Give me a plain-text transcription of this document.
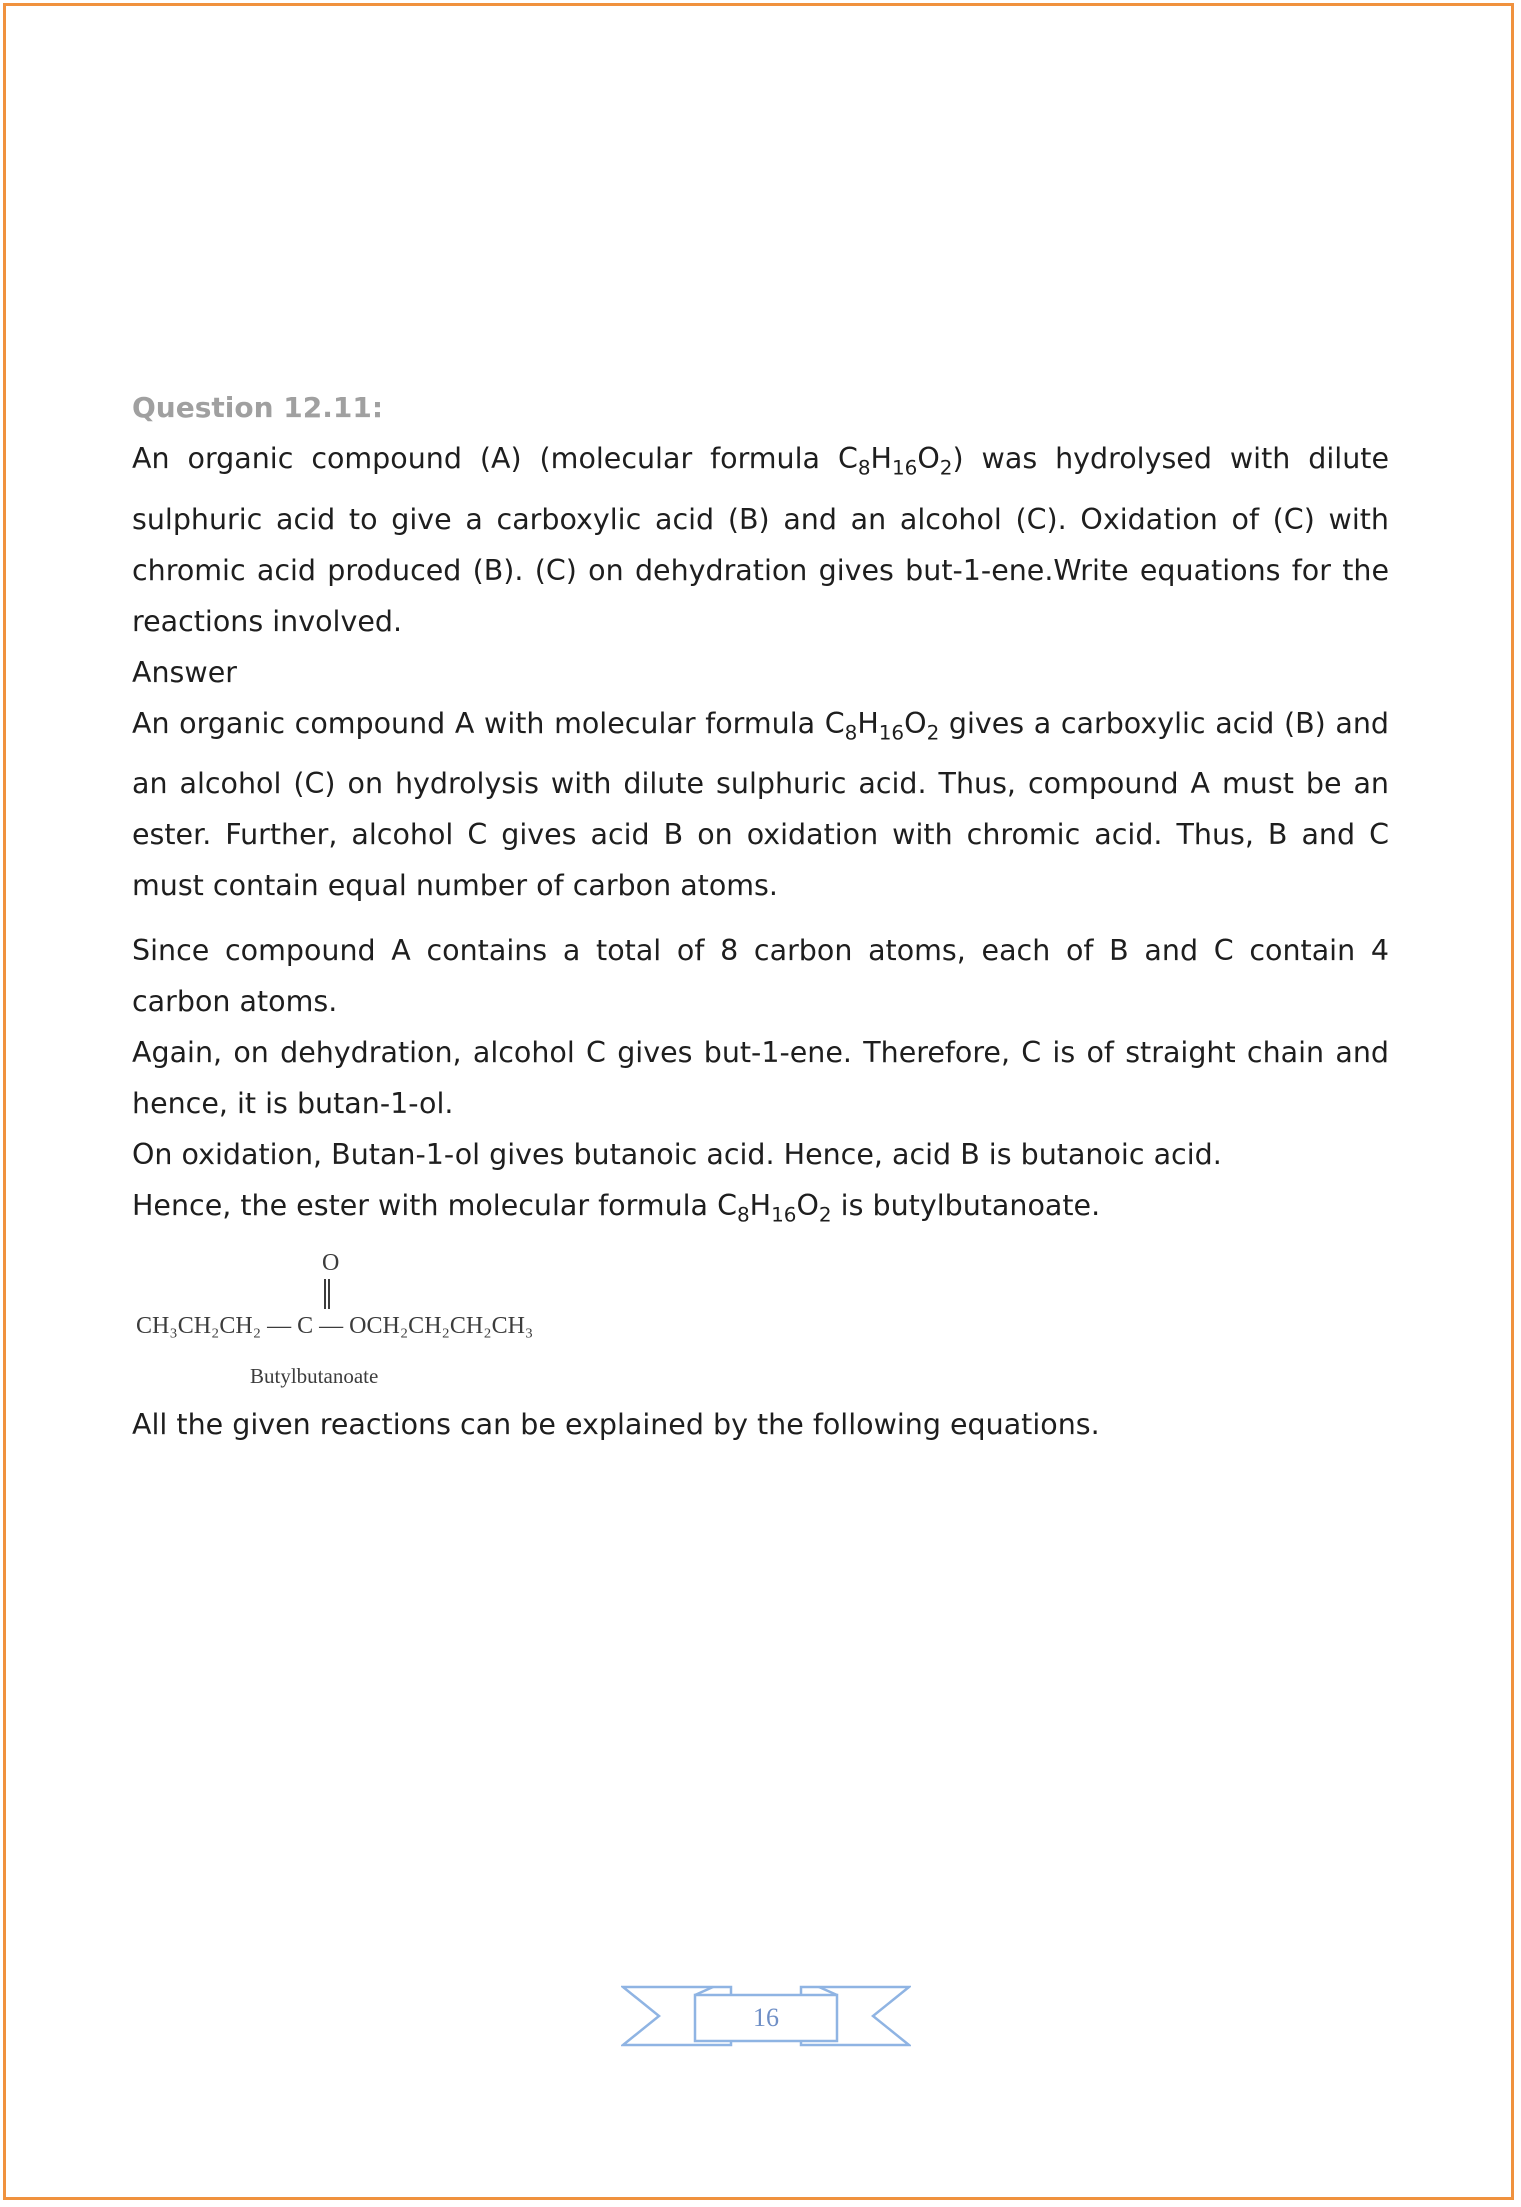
Question 12.11:

An organic compound (A) (molecular formula $C_8H_{16}O_2$) was hydrolysed with dilute sulphuric acid to give a carboxylic acid (B) and an alcohol (C). Oxidation of (C) with chromic acid produced (B). (C) on dehydration gives but-1-ene.Write equations for the reactions involved.

Answer

An organic compound A with molecular formula $C_8H_{16}O_2$ gives a carboxylic acid (B) and an alcohol (C) on hydrolysis with dilute sulphuric acid. Thus, compound A must be an ester. Further, alcohol C gives acid B on oxidation with chromic acid. Thus, B and C must contain equal number of carbon atoms.

Since compound A contains a total of 8 carbon atoms, each of B and C contain 4 carbon atoms.

Again, on dehydration, alcohol C gives but-1-ene. Therefore, C is of straight chain and hence, it is butan-1-ol.

On oxidation, Butan-1-ol gives butanoic acid. Hence, acid B is butanoic acid.

Hence, the ester with molecular formula $C_8H_{16}O_2$ is butylbutanoate.

O
CH₃CH₂CH₂ — C — OCH₂CH₂CH₂CH₃
Butylbutanoate

All the given reactions can be explained by the following equations.

16
